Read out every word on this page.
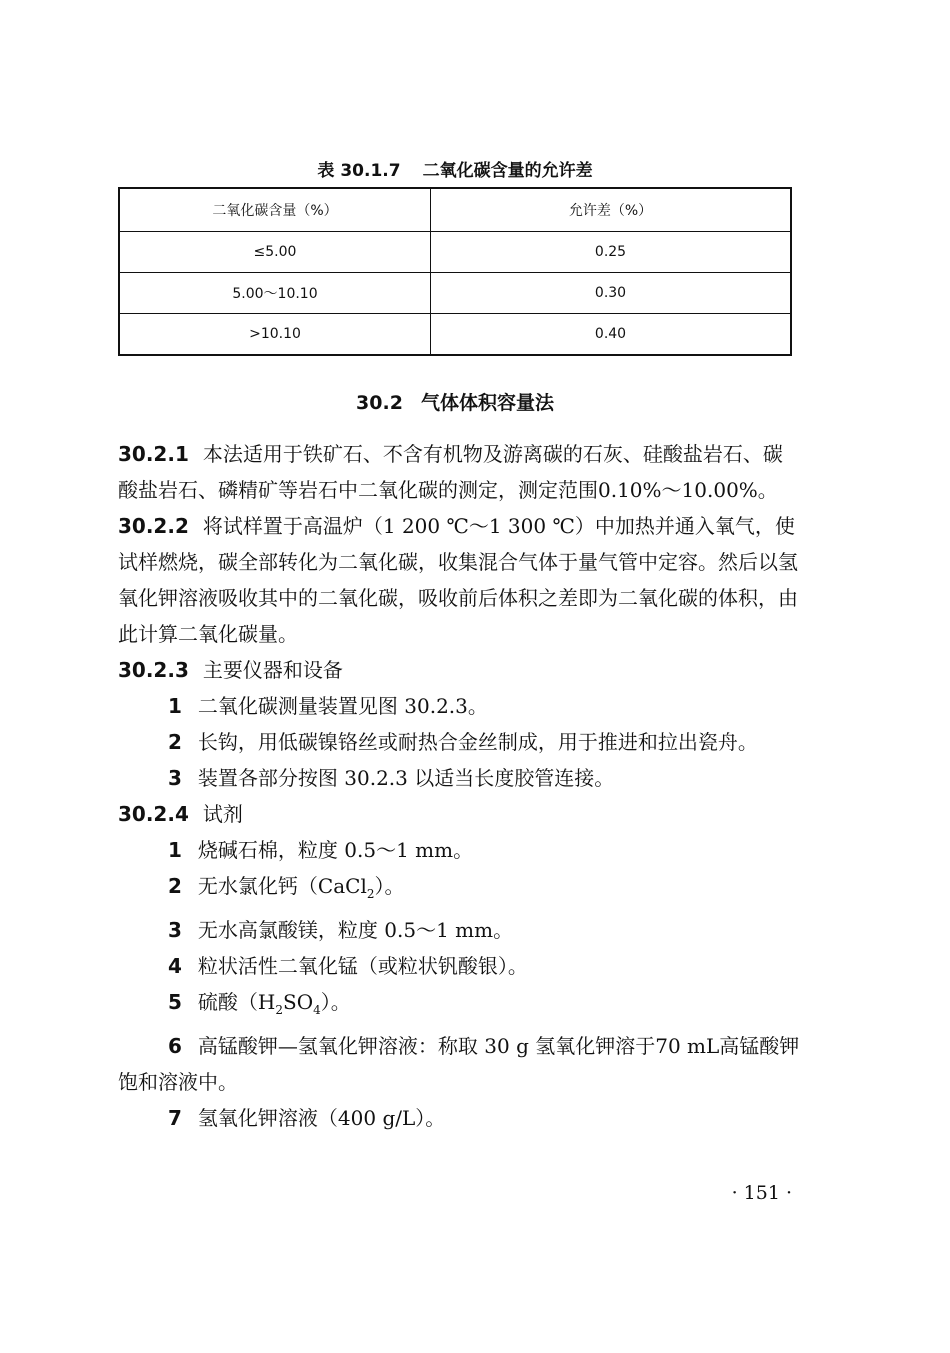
表 30.1.7 二氧化碳含量的允许差
二氧化碳含量（%）	允许差（%）
≤5.00	0.25
5.00～10.10	0.30
>10.10	0.40
30.2 气体体积容量法

30.2.1 本法适用于铁矿石、不含有机物及游离碳的石灰、硅酸盐岩石、碳酸盐岩石、磷精矿等岩石中二氧化碳的测定，测定范围0.10%～10.00%。

30.2.2 将试样置于高温炉（1 200 ℃～1 300 ℃）中加热并通入氧气，使试样燃烧，碳全部转化为二氧化碳，收集混合气体于量气管中定容。然后以氢氧化钾溶液吸收其中的二氧化碳，吸收前后体积之差即为二氧化碳的体积，由此计算二氧化碳量。

30.2.3 主要仪器和设备

1 二氧化碳测量装置见图 30.2.3。

2 长钩，用低碳镍铬丝或耐热合金丝制成，用于推进和拉出瓷舟。

3 装置各部分按图 30.2.3 以适当长度胶管连接。

30.2.4 试剂

1 烧碱石棉，粒度 0.5～1 mm。

2 无水氯化钙（CaCl$_2$）。

3 无水高氯酸镁，粒度 0.5～1 mm。

4 粒状活性二氧化锰（或粒状钒酸银）。

5 硫酸$(H_2SO_4)$。

6 高锰酸钾—氢氧化钾溶液：称取 30 g 氢氧化钾溶于70 mL高锰酸钾饱和溶液中。

7 氢氧化钾溶液（400 g/L）。

· 151 ·
